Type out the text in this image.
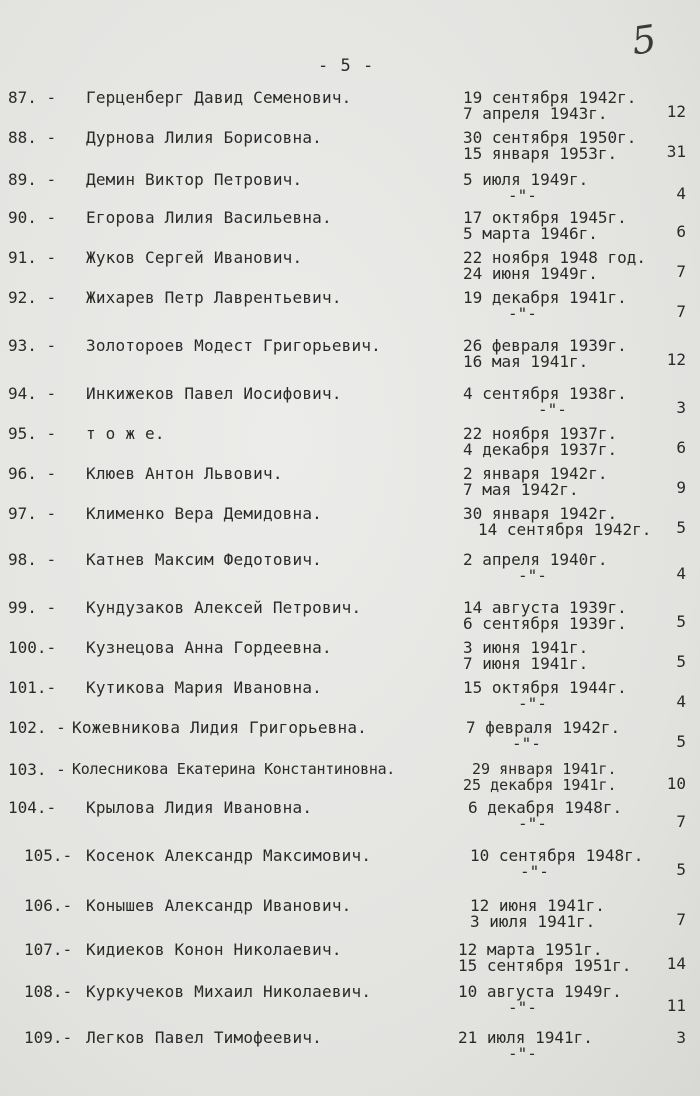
5
- 5 -
87. - Герценберг Давид Семенович.	19 сентября 1942г.
7 апреля 1943г.	12
88. - Дурнова Лилия Борисовна.	30 сентября 1950г.
15 января 1953г.	31
89. - Демин Виктор Петрович.	5 июля 1949г.
-"-	4
90. - Егорова Лилия Васильевна.	17 октября 1945г.
5 марта 1946г.	6
91. - Жуков Сергей Иванович.	22 ноября 1948 год.
24 июня 1949г.	7
92. - Жихарев Петр Лаврентьевич.	19 декабря 1941г.
-"-	7
93. - Золотороев Модест Григорьевич.	26 февраля 1939г.
16 мая 1941г.	12
94. - Инкижеков Павел Иосифович.	4 сентября 1938г.
-"-	3
95. - т о ж е.	22 ноября 1937г.
4 декабря 1937г.	6
96. - Клюев Антон Львович.	2 января 1942г.
7 мая 1942г.	9
97. - Клименко Вера Демидовна.	30 января 1942г.
14 сентября 1942г. 5
98. - Катнев Максим Федотович.	2 апреля 1940г.
-"-	4
99. - Кундузаков Алексей Петрович.	14 августа 1939г.
6 сентября 1939г.	5
100.- Кузнецова Анна Гордеевна.	3 июня 1941г.
7 июня 1941г.	5
101.- Кутикова Мария Ивановна.	15 октября 1944г.
-"-	4
102. - Кожевникова Лидия Григорьевна.	7 февраля 1942г.
-"-	5
103. - Колесникова Екатерина Константиновна.	29 января 1941г.
25 декабря 1941г.	10
104.- Крылова Лидия Ивановна.	6 декабря 1948г.
-"-	7
105.- Косенок Александр Максимович.	10 сентября 1948г.
-"-	5
106.- Конышев Александр Иванович.	12 июня 1941г.
3 июля 1941г.	7
107.- Кидиеков Конон Николаевич.	12 марта 1951г.
15 сентября 1951г. 14
108.- Куркучеков Михаил Николаевич.	10 августа 1949г.
-"-	11
109.- Легков Павел Тимофеевич.	21 июля 1941г.
-"-
3
